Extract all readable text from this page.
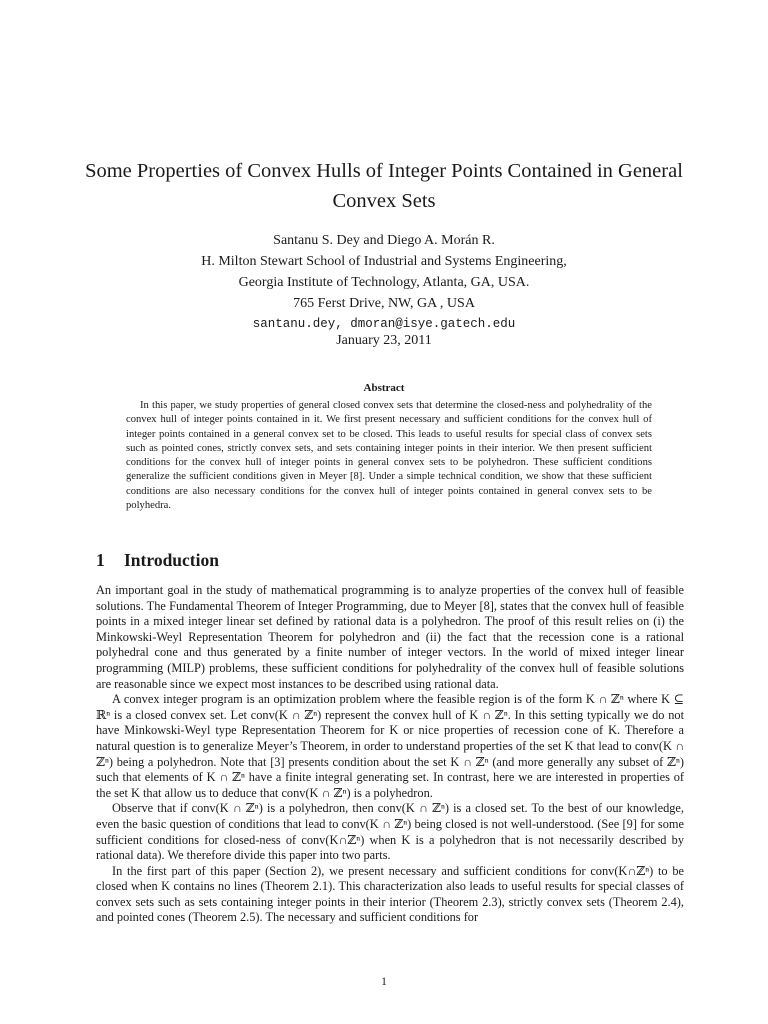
Some Properties of Convex Hulls of Integer Points Contained in General Convex Sets
Santanu S. Dey and Diego A. Morán R.
H. Milton Stewart School of Industrial and Systems Engineering,
Georgia Institute of Technology, Atlanta, GA, USA.
765 Ferst Drive, NW, GA , USA
santanu.dey, dmoran@isye.gatech.edu
January 23, 2011
Abstract

In this paper, we study properties of general closed convex sets that determine the closed-ness and polyhedrality of the convex hull of integer points contained in it. We first present necessary and sufficient conditions for the convex hull of integer points contained in a general convex set to be closed. This leads to useful results for special class of convex sets such as pointed cones, strictly convex sets, and sets containing integer points in their interior. We then present sufficient conditions for the convex hull of integer points in general convex sets to be polyhedron. These sufficient conditions generalize the sufficient conditions given in Meyer [8]. Under a simple technical condition, we show that these sufficient conditions are also necessary conditions for the convex hull of integer points contained in general convex sets to be polyhedra.

1 Introduction

An important goal in the study of mathematical programming is to analyze properties of the convex hull of feasible solutions. The Fundamental Theorem of Integer Programming, due to Meyer [8], states that the convex hull of feasible points in a mixed integer linear set defined by rational data is a polyhedron. The proof of this result relies on (i) the Minkowski-Weyl Representation Theorem for polyhedron and (ii) the fact that the recession cone is a rational polyhedral cone and thus generated by a finite number of integer vectors. In the world of mixed integer linear programming (MILP) problems, these sufficient conditions for polyhedrality of the convex hull of feasible solutions are reasonable since we expect most instances to be described using rational data.

A convex integer program is an optimization problem where the feasible region is of the form K ∩ ℤⁿ where K ⊆ ℝⁿ is a closed convex set. Let conv(K ∩ ℤⁿ) represent the convex hull of K ∩ ℤⁿ. In this setting typically we do not have Minkowski-Weyl type Representation Theorem for K or nice properties of recession cone of K. Therefore a natural question is to generalize Meyer’s Theorem, in order to understand properties of the set K that lead to conv(K ∩ ℤⁿ) being a polyhedron. Note that [3] presents condition about the set K ∩ ℤⁿ (and more generally any subset of ℤⁿ) such that elements of K ∩ ℤⁿ have a finite integral generating set. In contrast, here we are interested in properties of the set K that allow us to deduce that conv(K ∩ ℤⁿ) is a polyhedron.

Observe that if conv(K ∩ ℤⁿ) is a polyhedron, then conv(K ∩ ℤⁿ) is a closed set. To the best of our knowledge, even the basic question of conditions that lead to conv(K ∩ ℤⁿ) being closed is not well-understood. (See [9] for some sufficient conditions for closed-ness of conv(K∩ℤⁿ) when K is a polyhedron that is not necessarily described by rational data). We therefore divide this paper into two parts.

In the first part of this paper (Section 2), we present necessary and sufficient conditions for conv(K∩ℤⁿ) to be closed when K contains no lines (Theorem 2.1). This characterization also leads to useful results for special classes of convex sets such as sets containing integer points in their interior (Theorem 2.3), strictly convex sets (Theorem 2.4), and pointed cones (Theorem 2.5). The necessary and sufficient conditions for

1
